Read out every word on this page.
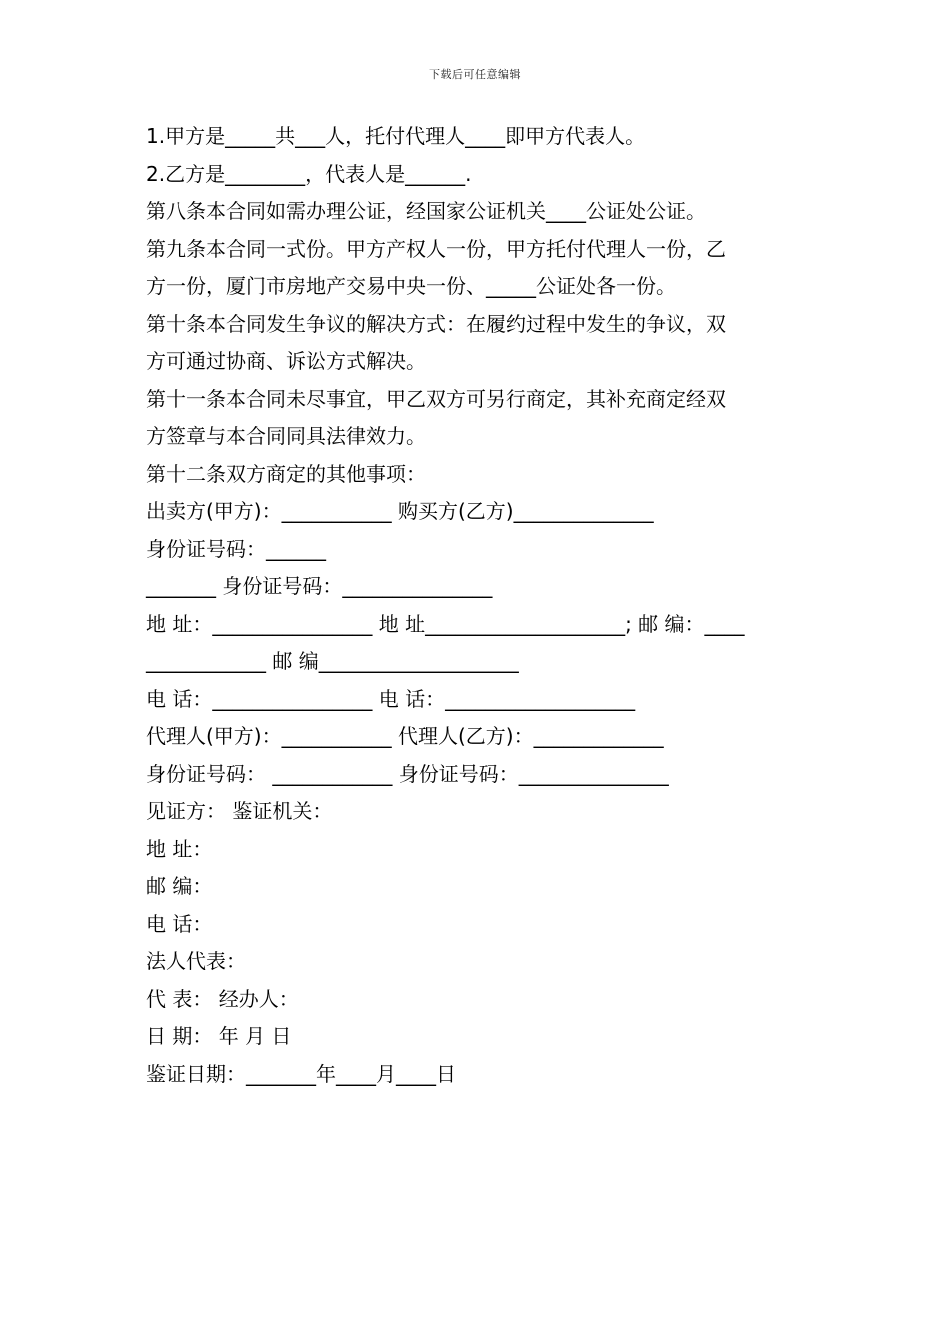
下载后可任意编辑
1.甲方是_____共___人，托付代理人____即甲方代表人。
2.乙方是________，代表人是______.
第八条本合同如需办理公证，经国家公证机关____公证处公证。
第九条本合同一式份。甲方产权人一份，甲方托付代理人一份，乙
方一份，厦门市房地产交易中央一份、_____公证处各一份。
第十条本合同发生争议的解决方式：在履约过程中发生的争议，双
方可通过协商、诉讼方式解决。
第十一条本合同未尽事宜，甲乙双方可另行商定，其补充商定经双
方签章与本合同同具法律效力。
第十二条双方商定的其他事项：
出卖方(甲方)：___________ 购买方(乙方)______________
身份证号码：______
_______ 身份证号码：_______________
地 址：________________ 地 址____________________; 邮 编：____
____________ 邮 编____________________
电 话：________________ 电 话：___________________
代理人(甲方)：___________ 代理人(乙方)：_____________
身份证号码： ____________ 身份证号码：_______________
见证方： 鉴证机关：
地 址：
邮 编：
电 话：
法人代表：
代 表： 经办人：
日 期： 年 月 日
鉴证日期：_______年____月____日
